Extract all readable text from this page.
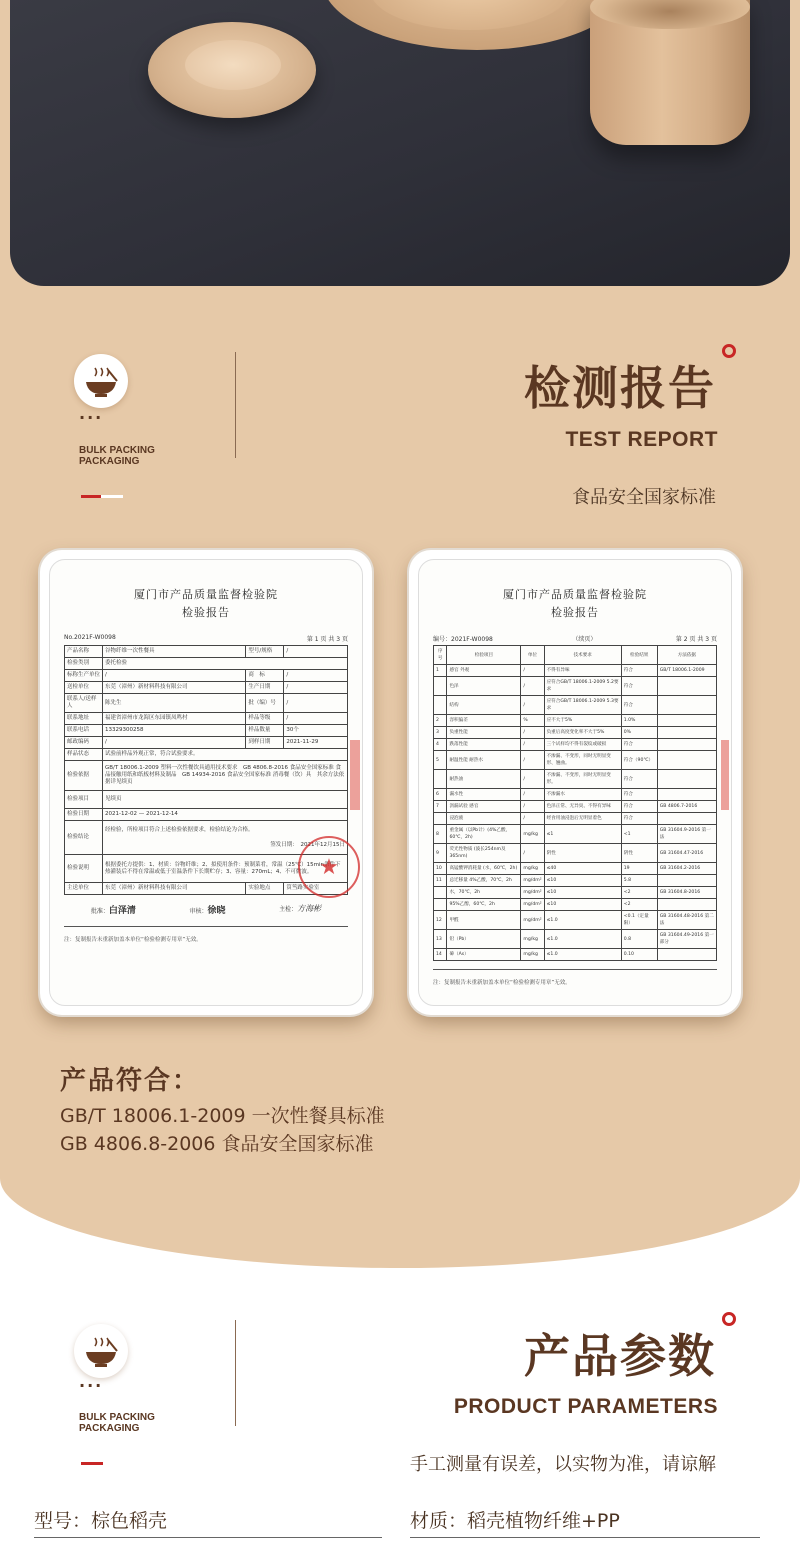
···
BULK PACKING
PACKAGING
检测报告
TEST REPORT
食品安全国家标准
厦门市产品质量监督检验院
检验报告
No.2021F-W0098	第 1 页 共 3 页
产品名称	谷物纤维一次性餐具	型号/规格	/
检验类别	委托检验		
标称生产单位	/	商　标	/
送检单位	东莞（漳州）新材料科技有限公司	生产日期	/
联系人/送样人	陈先生	批（编）号	/
联系地址	福建省漳州市龙海区东园镇凤鸣村	样品等级	/
联系电话	13329300258	样品数量	30个
邮政编码	/	到样日期	2021-11-29
样品状态	试验前样品外观正常，符合试验要求。		
检验依据	GB/T 18006.1-2009 塑料一次性餐饮具通用技术要求　GB 4806.8-2016 食品安全国家标准 食品接触用纸和纸板材料及制品　GB 14934-2016 食品安全国家标准 消毒餐（饮）具　其余方法依据详见续页		
检验项目	见续页		
检验日期	2021-12-02 — 2021-12-14		
检验结论	经检验，所检项目符合上述检验依据要求，检验结论为合格。
签发日期：　2021年12月15日		

检验说明	根据委托方提供：1、材质：谷物纤维；2、拟使用条件：预制菜肴，常温（25℃）15min条件下热灌装后不得在常温或低于室温条件下长期贮存；3、容量：270mL；4、不可微波。		
主送单位	东莞（漳州）新材料科技有限公司	实验地点	筼筜路实验室
批准：白泽清	审核：徐晓	主检：方海彬
注：复制报告未重新加盖本单位“检验检测专用章”无效。
★
厦门市产品质量监督检验院
检验报告
编号：2021F-W0098	（续页）	第 2 页 共 3 页
序号	检验项目	单位	技术要求	检验结果	方法依据
1	感官 外观	/	不得有异味	符合	GB/T 18006.1-2009
	色泽	/	应符合GB/T 18006.1-2009 5.2要求	符合	
	结构	/	应符合GB/T 18006.1-2009 5.3要求	符合	
2	容积偏差	%	应不大于5%	1.0%	
3	负重性能	/	负重后高度变化率不大于5%	0%	
4	跌落性能	/	三个试样均不得有裂纹或破损	符合	
5	耐温性能 耐热水	/	不渗漏、不变形，同时无明显变形、翘曲。	符合（90℃）	
	耐热油	/	不渗漏、不变形，同时无明显变形。	符合	
6	漏水性	/	不渗漏水	符合	
7	沥漏试验 感官	/	色泽正常、无异臭、不得有异味	符合	GB 4806.7-2016
	浸泡液	/	经食用油浸泡后无明显着色	符合	
8	重金属（以Pb计）(4%乙酸，60℃，2h)	mg/kg	≤1	<1	GB 31604.9-2016 第一法
9	荧光性物质 (波长254nm及365nm)	/	阴性	阴性	GB 31604.47-2016
10	高锰酸钾消耗量 (水，60℃，2h)	mg/kg	≤40	19	GB 31604.2-2016
11	总迁移量 4%乙酸，70℃，2h	mg/dm²	≤10	5.8	
	水，70℃，2h	mg/dm²	≤10	<2	GB 31604.8-2016
	95%乙醇，60℃，2h	mg/dm²	≤10	<2	
12	甲醛	mg/dm²	≤1.0	<0.1（定量限）	GB 31604.48-2016 第二法
13	铅（Pb）	mg/kg	≤1.0	0.8	GB 31604.49-2016 第一部分
14	砷（As）	mg/kg	≤1.0	0.10	
注：复制报告未重新加盖本单位“检验检测专用章”无效。
产品符合：
GB/T 18006.1-2009 一次性餐具标准
GB 4806.8-2006 食品安全国家标准
···
BULK PACKING
PACKAGING
产品参数
PRODUCT PARAMETERS
手工测量有误差，以实物为准，请谅解
型号：棕色稻壳	材质：稻壳植物纤维+PP
